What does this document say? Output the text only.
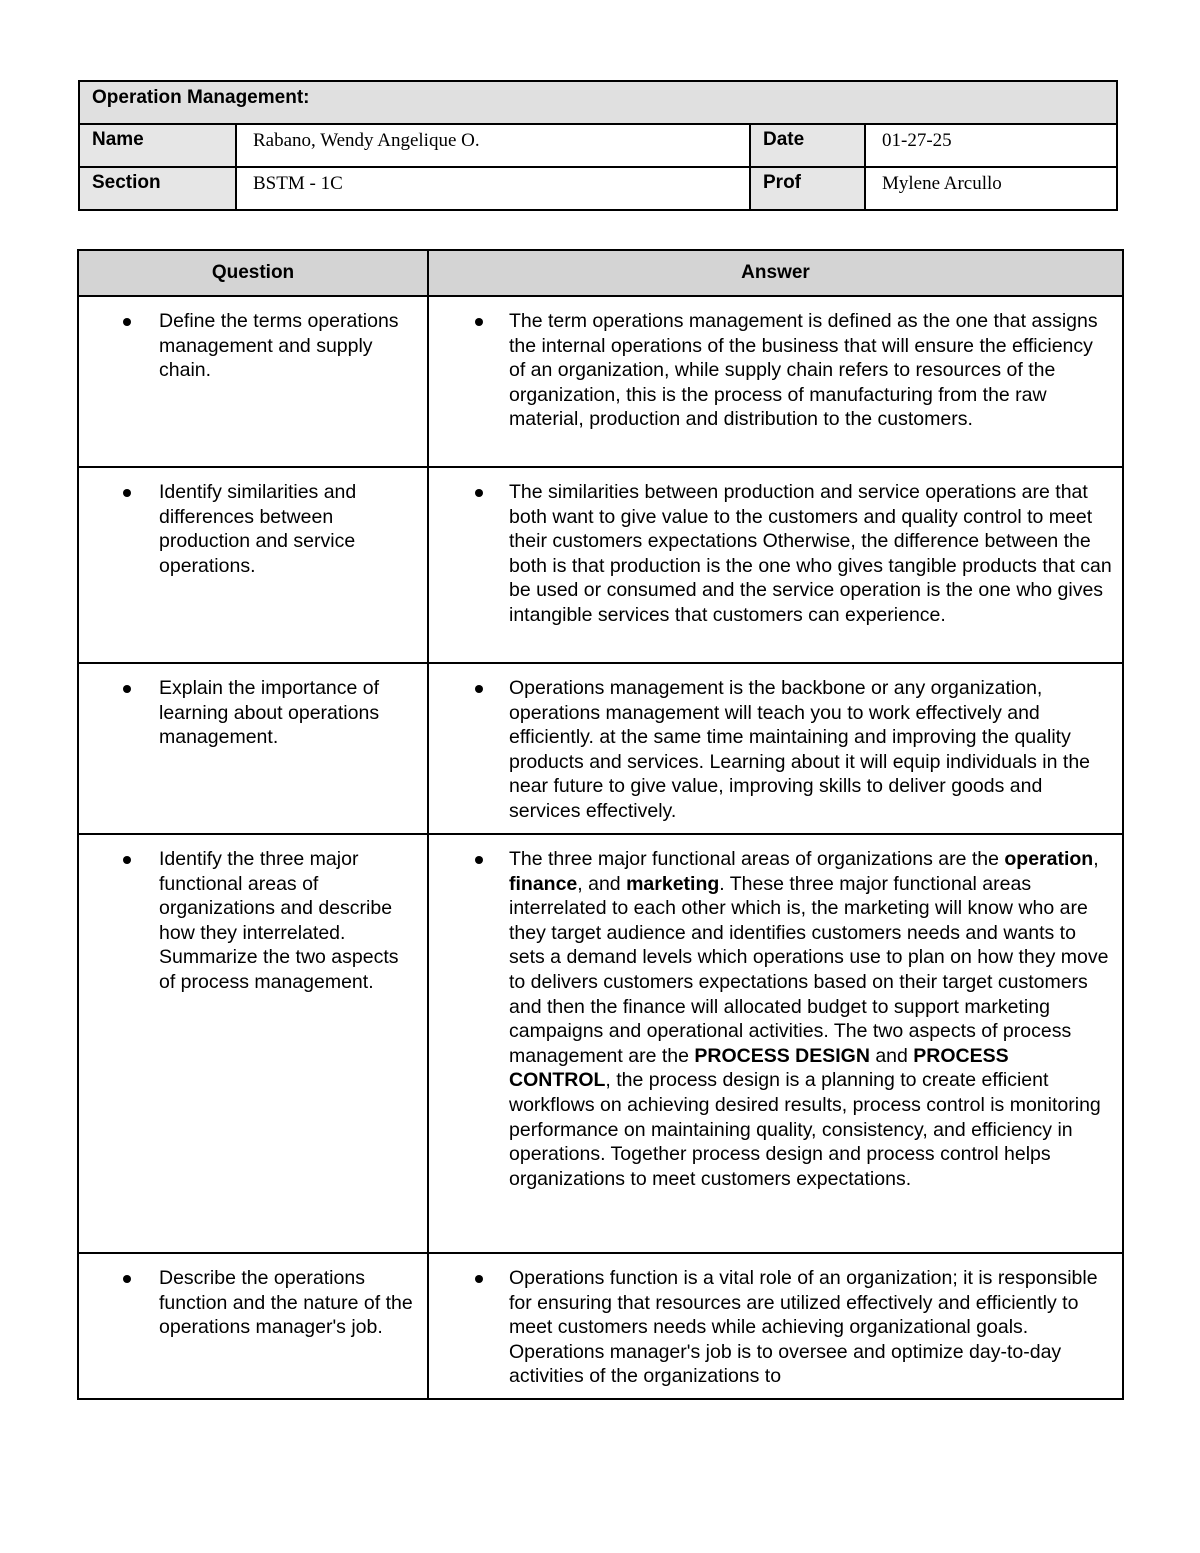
Operation Management:			
Name	Rabano, Wendy Angelique O.	Date	01-27-25
Section	BSTM - 1C	Prof	Mylene Arcullo
Question	Answer

Define the terms operations management and supply chain.	The term operations management is defined as the one that assigns the internal operations of the business that will ensure the efficiency of an organization, while supply chain refers to resources of the organization, this is the process of manufacturing from the raw material, production and distribution to the customers.

Identify similarities and differences between production and service operations.	The similarities between production and service operations are that both want to give value to the customers and quality control to meet their customers expectations Otherwise, the difference between the both is that production is the one who gives tangible products that can be used or consumed and the service operation is the one who gives intangible services that customers can experience.

Explain the importance of learning about operations management.	Operations management is the backbone or any organization, operations management will teach you to work effectively and efficiently. at the same time maintaining and improving the quality products and services. Learning about it will equip individuals in the near future to give value, improving skills to deliver goods and services effectively.

Identify the three major functional areas of organizations and describe how they interrelated. Summarize the two aspects of process management.	The three major functional areas of organizations are the operation, finance, and marketing. These three major functional areas interrelated to each other which is, the marketing will know who are they target audience and identifies customers needs and wants to sets a demand levels which operations use to plan on how they move to delivers customers expectations based on their target customers and then the finance will allocated budget to support marketing campaigns and operational activities. The two aspects of process management are the PROCESS DESIGN and PROCESS CONTROL, the process design is a planning to create efficient workflows on achieving desired results, process control is monitoring performance on maintaining quality, consistency, and efficiency in operations. Together process design and process control helps organizations to meet customers expectations.

Describe the operations function and the nature of the operations manager's job.	Operations function is a vital role of an organization; it is responsible for ensuring that resources are utilized effectively and efficiently to meet customers needs while achieving organizational goals. Operations manager's job is to oversee and optimize day-to-day activities of the organizations to
